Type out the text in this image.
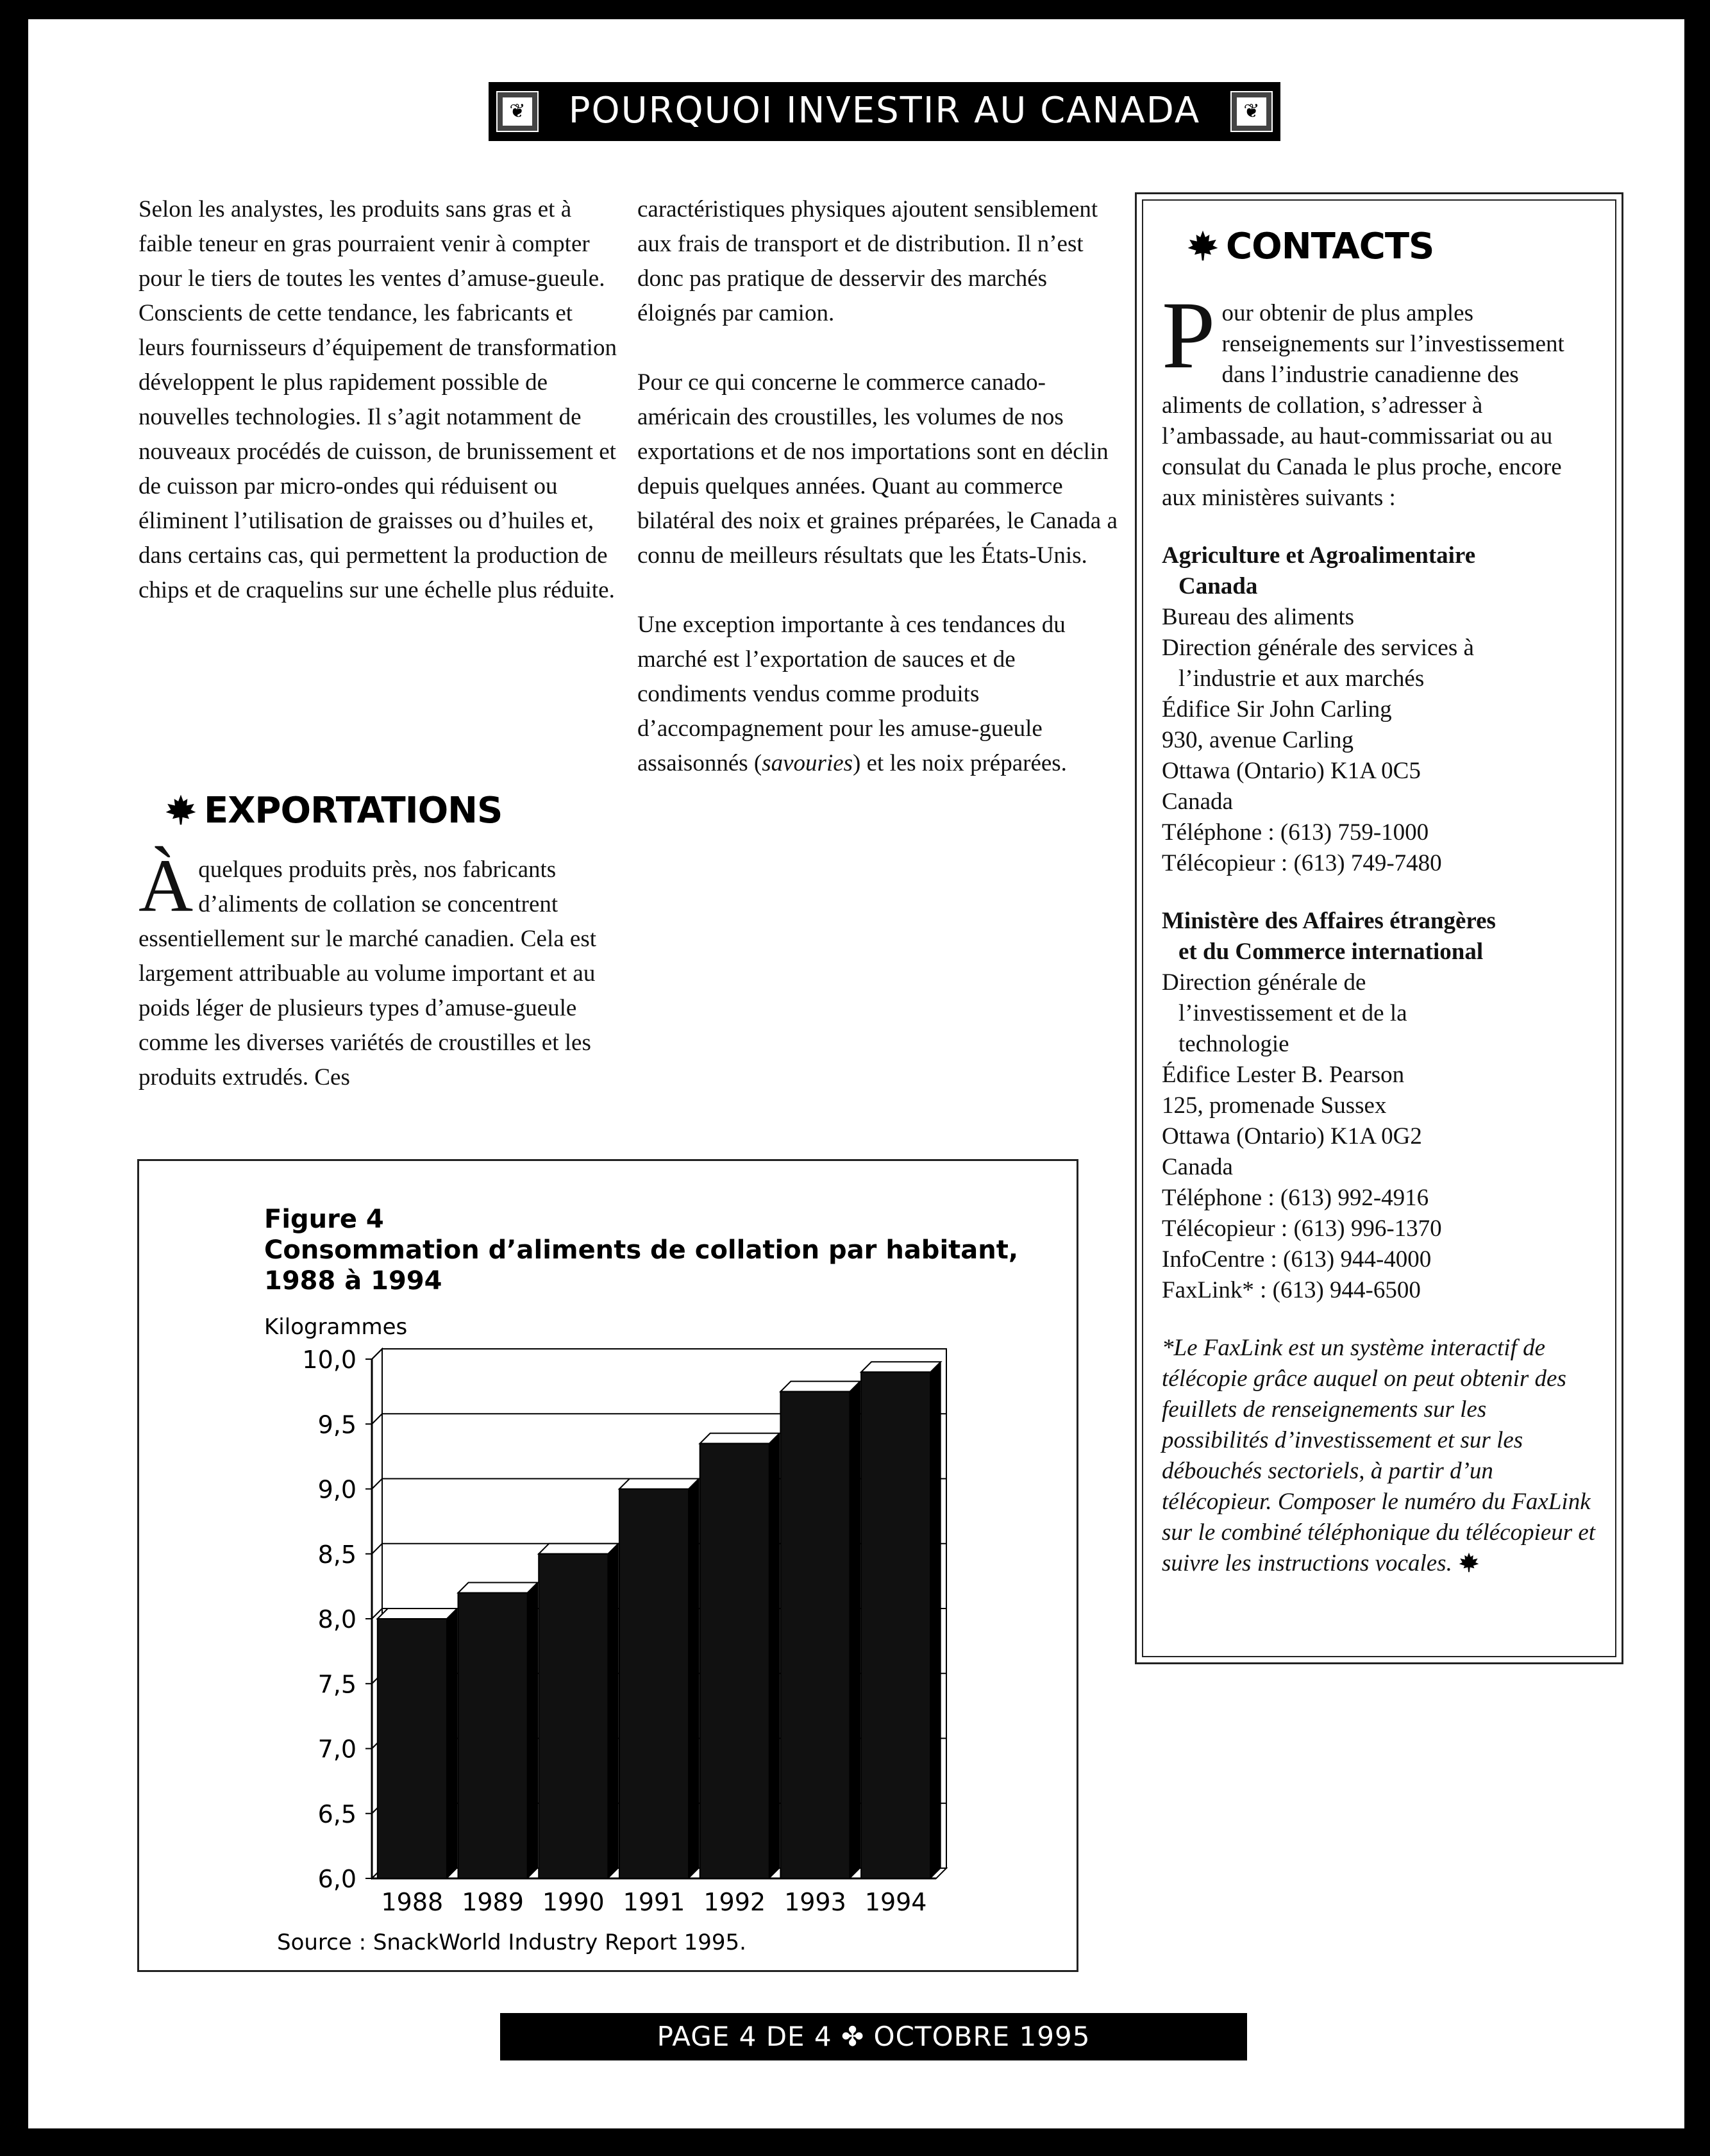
❦
POURQUOI INVESTIR AU CANADA
❦

Selon les analystes, les produits sans gras et à faible teneur en gras pourraient venir à compter pour le tiers de toutes les ventes d’amuse-gueule. Conscients de cette tendance, les fabricants et leurs fournisseurs d’équipement de transformation développent le plus rapidement possible de nouvelles technologies. Il s’agit notamment de nouveaux procédés de cuisson, de brunissement et de cuisson par micro-ondes qui réduisent ou éliminent l’utilisation de graisses ou d’huiles et, dans certains cas, qui permettent la production de chips et de craquelins sur une échelle plus réduite.

EXPORTATIONS
Àquelques produits près, nos fabricants d’aliments de collation se concentrent essentiellement sur le marché canadien. Cela est largement attribuable au volume important et au poids léger de plusieurs types d’amuse-gueule comme les diverses variétés de croustilles et les produits extrudés. Ces

caractéristiques physiques ajoutent sensiblement aux frais de transport et de distribution. Il n’est donc pas pratique de desservir des marchés éloignés par camion.

Pour ce qui concerne le commerce canado-américain des croustilles, les volumes de nos exportations et de nos importations sont en déclin depuis quelques années. Quant au commerce bilatéral des noix et graines préparées, le Canada a connu de meilleurs résultats que les États-Unis.

Une exception importante à ces tendances du marché est l’exportation de sauces et de condiments vendus comme produits d’accompagnement pour les amuse-gueule assaisonnés (savouries) et les noix préparées.

CONTACTS
Pour obtenir de plus amples renseignements sur l’investissement dans l’industrie canadienne des aliments de collation, s’adresser à l’ambassade, au haut-commissariat ou au consulat du Canada le plus proche, encore aux ministères suivants :
Agriculture et Agroalimentaire
Canada
Bureau des aliments
Direction générale des services à
l’industrie et aux marchés
Édifice Sir John Carling
930, avenue Carling
Ottawa (Ontario) K1A 0C5
Canada
Téléphone : (613) 759-1000
Télécopieur : (613) 749-7480
Ministère des Affaires étrangères
et du Commerce international
Direction générale de
l’investissement et de la
technologie
Édifice Lester B. Pearson
125, promenade Sussex
Ottawa (Ontario) K1A 0G2
Canada
Téléphone : (613) 992-4916
Télécopieur : (613) 996-1370
InfoCentre : (613) 944-4000
FaxLink* : (613) 944-6500
*Le FaxLink est un système interactif de télécopie grâce auquel on peut obtenir des feuillets de renseignements sur les possibilités d’investissement et sur les débouchés sectoriels, à partir d’un télécopieur. Composer le numéro du FaxLink sur le combiné téléphonique du télécopieur et suivre les instructions vocales.
Figure 4
Consommation d’aliments de collation par habitant,
1988 à 1994
Kilogrammes
6,0
6,5
7,0
7,5
8,0
8,5
9,0
9,5
10,0
1988 1989 1990 1991 1992 1993 1994
Source : SnackWorld Industry Report 1995.
PAGE 4 DE 4 ✤ OCTOBRE 1995
